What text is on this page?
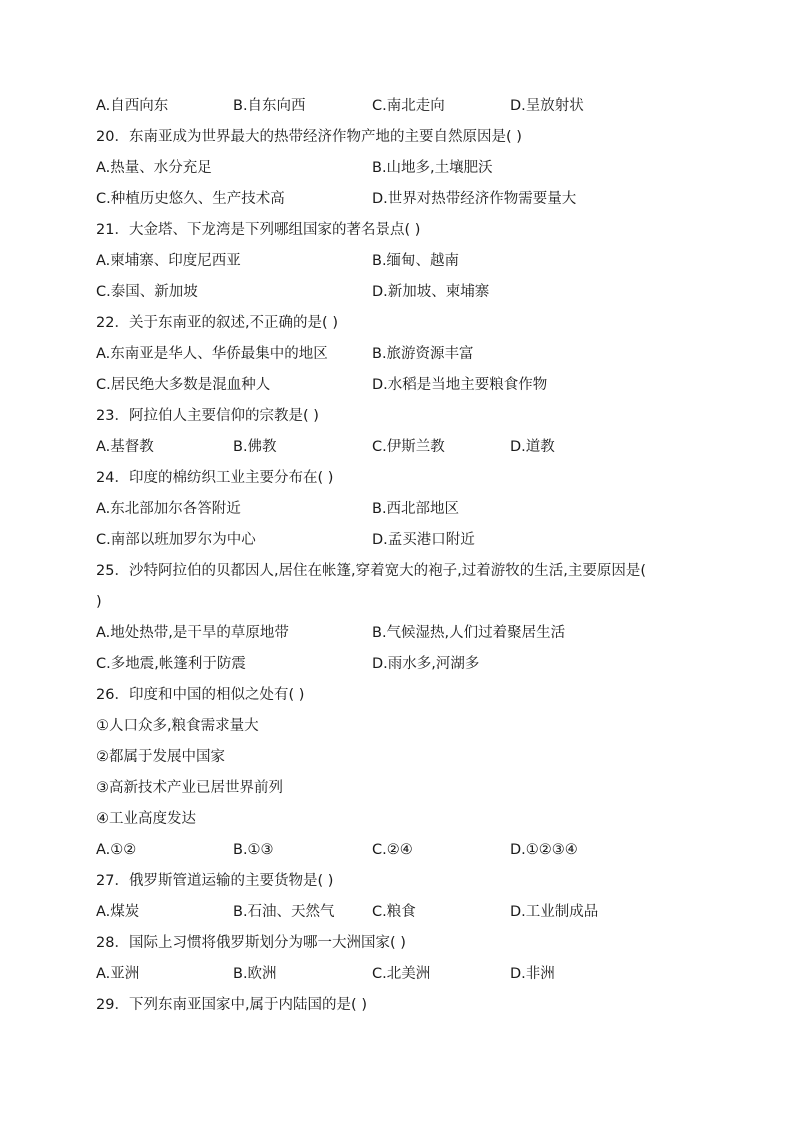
A.自西向东	B.自东向西	C.南北走向	D.呈放射状
20．东南亚成为世界最大的热带经济作物产地的主要自然原因是( )
A.热量、水分充足	B.山地多,土壤肥沃
C.种植历史悠久、生产技术高	D.世界对热带经济作物需要量大
21．大金塔、下龙湾是下列哪组国家的著名景点( )
A.柬埔寨、印度尼西亚	B.缅甸、越南
C.泰国、新加坡	D.新加坡、柬埔寨
22．关于东南亚的叙述,不正确的是( )
A.东南亚是华人、华侨最集中的地区	B.旅游资源丰富
C.居民绝大多数是混血种人	D.水稻是当地主要粮食作物
23．阿拉伯人主要信仰的宗教是( )
A.基督教	B.佛教	C.伊斯兰教	D.道教
24．印度的棉纺织工业主要分布在( )
A.东北部加尔各答附近	B.西北部地区
C.南部以班加罗尔为中心	D.孟买港口附近
25．沙特阿拉伯的贝都因人,居住在帐篷,穿着宽大的袍子,过着游牧的生活,主要原因是(
)
A.地处热带,是干旱的草原地带	B.气候湿热,人们过着聚居生活
C.多地震,帐篷利于防震	D.雨水多,河湖多
26．印度和中国的相似之处有( )
①人口众多,粮食需求量大
②都属于发展中国家
③高新技术产业已居世界前列
④工业高度发达
A.①②	B.①③	C.②④	D.①②③④
27．俄罗斯管道运输的主要货物是( )
A.煤炭	B.石油、天然气	C.粮食	D.工业制成品
28．国际上习惯将俄罗斯划分为哪一大洲国家( )
A.亚洲	B.欧洲	C.北美洲	D.非洲
29．下列东南亚国家中,属于内陆国的是( )
